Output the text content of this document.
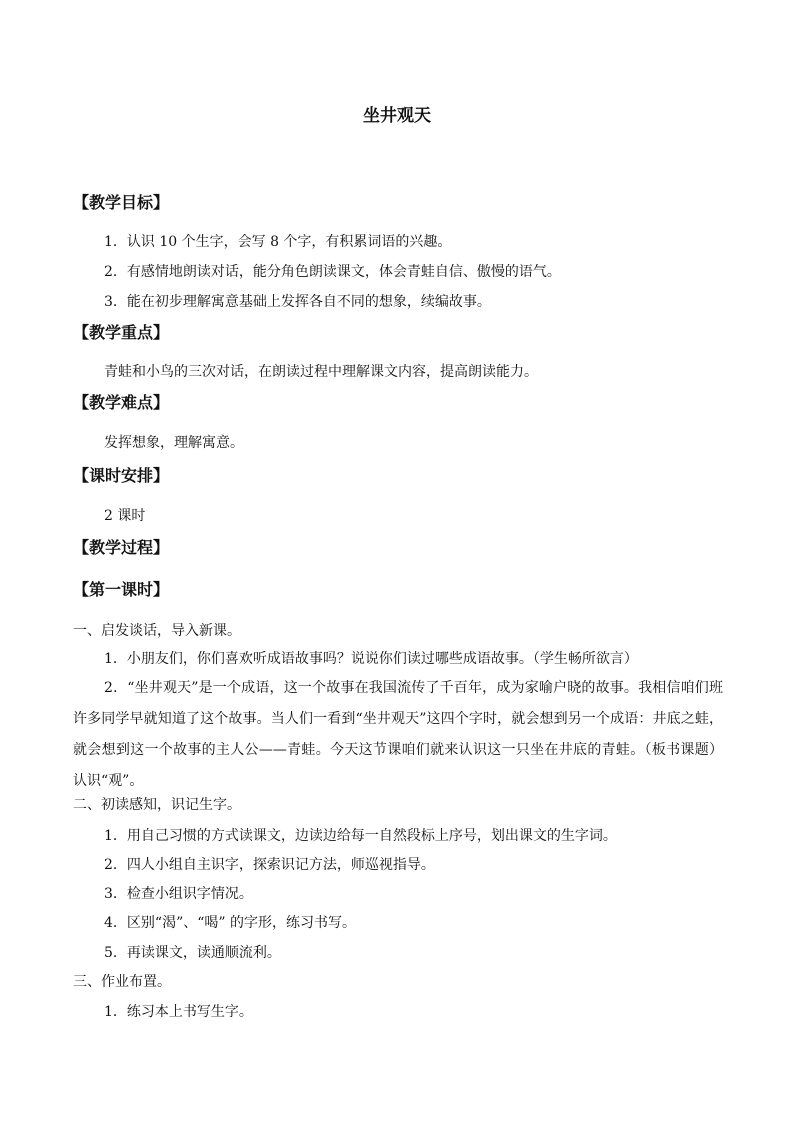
坐井观天
【教学目标】
1．认识 10 个生字，会写 8 个字，有积累词语的兴趣。
2．有感情地朗读对话，能分角色朗读课文，体会青蛙自信、傲慢的语气。
3．能在初步理解寓意基础上发挥各自不同的想象，续编故事。
【教学重点】
青蛙和小鸟的三次对话，在朗读过程中理解课文内容，提高朗读能力。
【教学难点】
发挥想象，理解寓意。
【课时安排】
2 课时
【教学过程】
【第一课时】
一、启发谈话，导入新课。
1．小朋友们，你们喜欢听成语故事吗？说说你们读过哪些成语故事。（学生畅所欲言）
2．“坐井观天”是一个成语，这一个故事在我国流传了千百年，成为家喻户晓的故事。我相信咱们班许多同学早就知道了这个故事。当人们一看到“坐井观天”这四个字时，就会想到另一个成语：井底之蛙，就会想到这一个故事的主人公——青蛙。今天这节课咱们就来认识这一只坐在井底的青蛙。（板书课题）认识“观”。
二、初读感知，识记生字。
1．用自己习惯的方式读课文，边读边给每一自然段标上序号，划出课文的生字词。
2．四人小组自主识字，探索识记方法，师巡视指导。
3．检查小组识字情况。
4．区别“渴”、“喝” 的字形，练习书写。
5．再读课文，读通顺流利。
三、作业布置。
1．练习本上书写生字。
